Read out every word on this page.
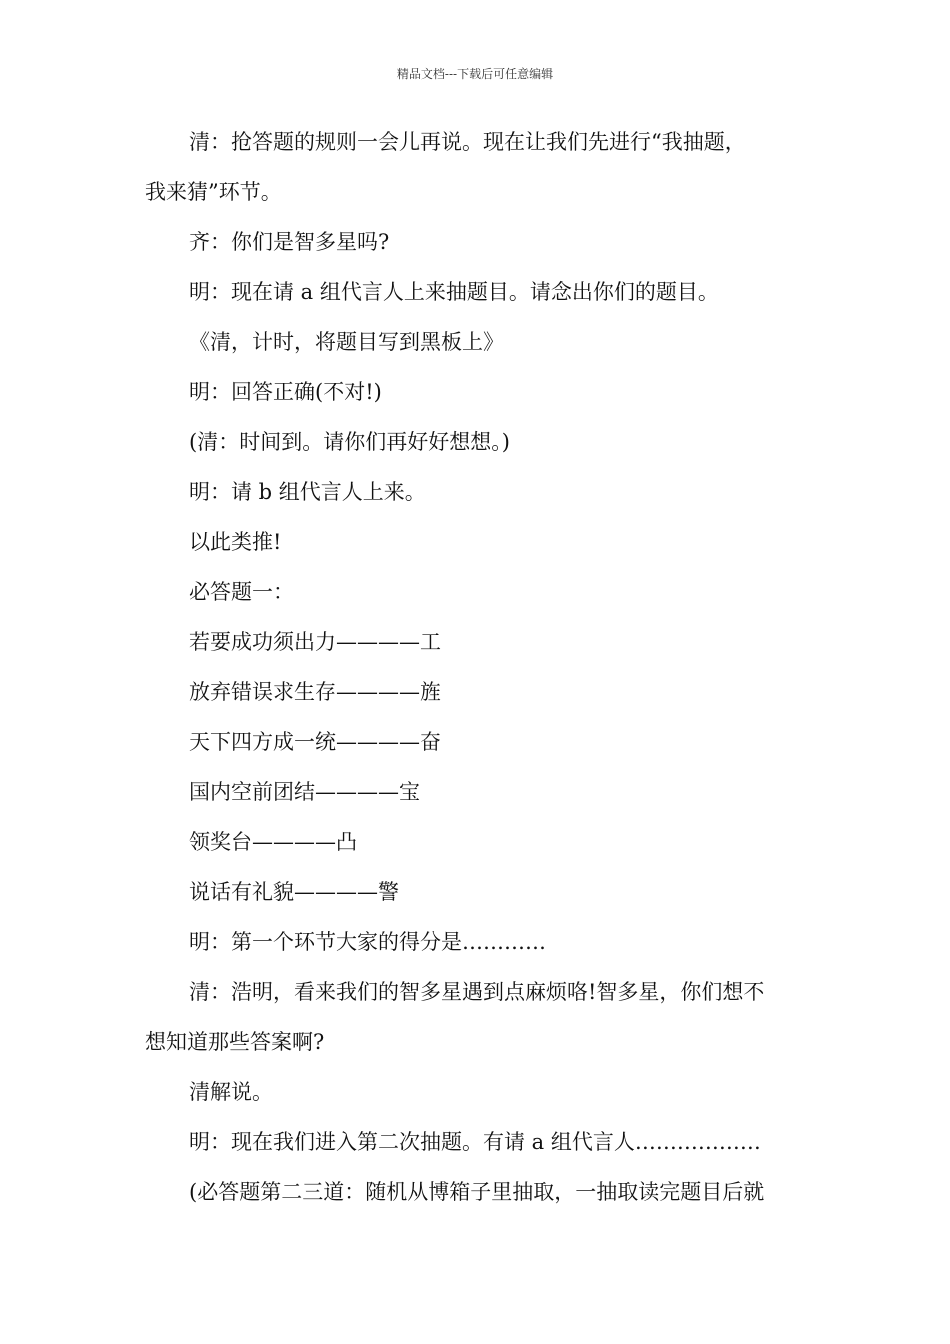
精品文档---下载后可任意编辑
清：抢答题的规则一会儿再说。现在让我们先进行“我抽题，
我来猜”环节。
齐：你们是智多星吗?
明：现在请 a 组代言人上来抽题目。请念出你们的题目。
《清，计时，将题目写到黑板上》
明：回答正确(不对!)
(清：时间到。请你们再好好想想。)
明：请 b 组代言人上来。
以此类推!
必答题一：
若要成功须出力————工
放弃错误求生存————旌
天下四方成一统————奋
国内空前团结————宝
领奖台————凸
说话有礼貌————警
明：第一个环节大家的得分是…………
清：浩明，看来我们的智多星遇到点麻烦咯!智多星，你们想不
想知道那些答案啊?
清解说。
明：现在我们进入第二次抽题。有请 a 组代言人………………
(必答题第二三道：随机从博箱子里抽取，一抽取读完题目后就
